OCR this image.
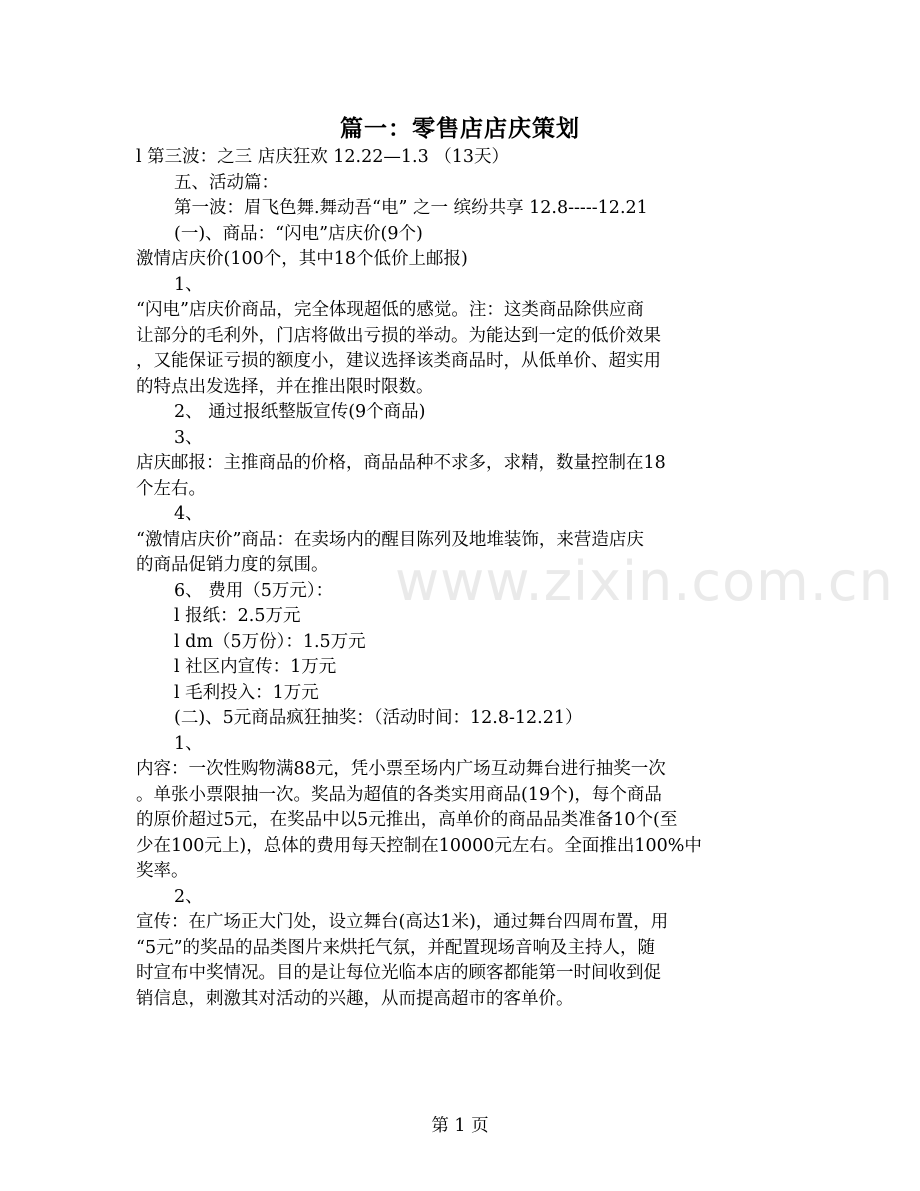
www.zixin.com.cn
篇一：零售店店庆策划
l 第三波：之三 店庆狂欢 12.22—1.3 （13天）
五、活动篇：
第一波：眉飞色舞.舞动吾“电” 之一 缤纷共享 12.8-----12.21
(一)、商品：“闪电”店庆价(9个)
激情店庆价(100个，其中18个低价上邮报)
1、
“闪电”店庆价商品，完全体现超低的感觉。注：这类商品除供应商
让部分的毛利外，门店将做出亏损的举动。为能达到一定的低价效果
，又能保证亏损的额度小，建议选择该类商品时，从低单价、超实用
的特点出发选择，并在推出限时限数。
2、 通过报纸整版宣传(9个商品)
3、
店庆邮报：主推商品的价格，商品品种不求多，求精，数量控制在18
个左右。
4、
“激情店庆价”商品：在卖场内的醒目陈列及地堆装饰，来营造店庆
的商品促销力度的氛围。
6、 费用（5万元）：
l 报纸：2.5万元
l dm（5万份）：1.5万元
l 社区内宣传：1万元
l 毛利投入：1万元
(二)、5元商品疯狂抽奖：（活动时间：12.8-12.21）
1、
内容：一次性购物满88元，凭小票至场内广场互动舞台进行抽奖一次
。单张小票限抽一次。奖品为超值的各类实用商品(19个)，每个商品
的原价超过5元，在奖品中以5元推出，高单价的商品品类准备10个(至
少在100元上)，总体的费用每天控制在10000元左右。全面推出100%中
奖率。
2、
宣传：在广场正大门处，设立舞台(高达1米)，通过舞台四周布置，用
“5元”的奖品的品类图片来烘托气氛，并配置现场音响及主持人，随
时宣布中奖情况。目的是让每位光临本店的顾客都能第一时间收到促
销信息，刺激其对活动的兴趣，从而提高超市的客单价。
第 1 页
